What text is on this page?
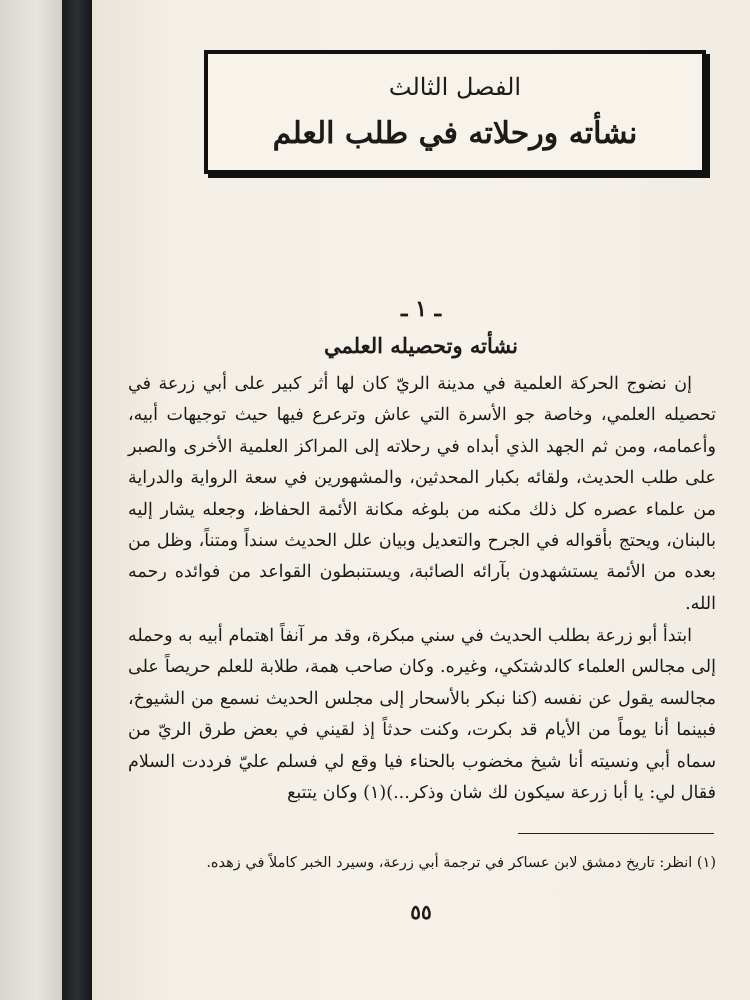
الفصل الثالث
نشأته ورحلاته في طلب العلم
ـ ١ ـ
نشأته وتحصيله العلمي

إن نضوج الحركة العلمية في مدينة الريّ كان لها أثر كبير على أبي زرعة في تحصيله العلمي، وخاصة جو الأسرة التي عاش وترعرع فيها حيث توجيهات أبيه، وأعمامه، ومن ثم الجهد الذي أبداه في رحلاته إلى المراكز العلمية الأخرى والصبر على طلب الحديث، ولقائه بكبار المحدثين، والمشهورين في سعة الرواية والدراية من علماء عصره كل ذلك مكنه من بلوغه مكانة الأئمة الحفاظ، وجعله يشار إليه بالبنان، ويحتج بأقواله في الجرح والتعديل وبيان علل الحديث سنداً ومتناً، وظل من بعده من الأئمة يستشهدون بآرائه الصائبة، ويستنبطون القواعد من فوائده رحمه الله.

ابتدأ أبو زرعة بطلب الحديث في سني مبكرة، وقد مر آنفاً اهتمام أبيه به وحمله إلى مجالس العلماء كالدشتكي، وغيره. وكان صاحب همة، طلابة للعلم حريصاً على مجالسه يقول عن نفسه (كنا نبكر بالأسحار إلى مجلس الحديث نسمع من الشيوخ، فبينما أنا يوماً من الأيام قد بكرت، وكنت حدثاً إذ لقيني في بعض طرق الريّ من سماه أبي ونسيته أنا شيخ مخضوب بالحناء فيا وقع لي فسلم عليّ فرددت السلام فقال لي: يا أبا زرعة سيكون لك شان وذكر...)(١) وكان يتتبع

(١) انظر: تاريخ دمشق لابن عساكر في ترجمة أبي زرعة، وسيرد الخبر كاملاً في زهده.
٥٥
